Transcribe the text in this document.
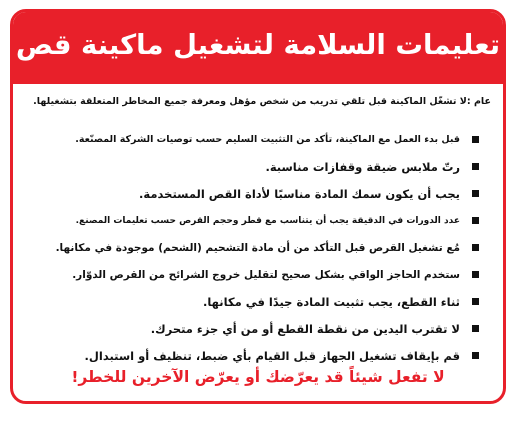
تعليمات السلامة لتشغيل ماكينة قص
عام :لا تشغّل الماكينة قبل تلقي تدريب من شخص مؤهل ومعرفة جميع المخاطر المتعلقة بتشغيلها.
قبل بدء العمل مع الماكينة، تأكد من التثبيت السليم حسب توصيات الشركة المصنّعة.
رتّ ملابس ضيقة وقفازات مناسبة.
يجب أن يكون سمك المادة مناسبًا لأداة القص المستخدمة.
عدد الدورات في الدقيقة يجب أن يتناسب مع قطر وحجم القرص حسب تعليمات المصنع.
مُع تشغيل القرص قبل التأكد من أن مادة التشحيم (الشحم) موجودة في مكانها.
ستخدم الحاجز الواقي بشكل صحيح لتقليل خروج الشرائح من القرص الدوّار.
ثناء القطع، يجب تثبيت المادة جيدًا في مكانها.
لا تقترب اليدين من نقطة القطع أو من أي جزء متحرك.
قم بإيقاف تشغيل الجهاز قبل القيام بأي ضبط، تنظيف أو استبدال.
لا تفعل شيئاً قد يعرّضك أو يعرّض الآخرين للخطر!
